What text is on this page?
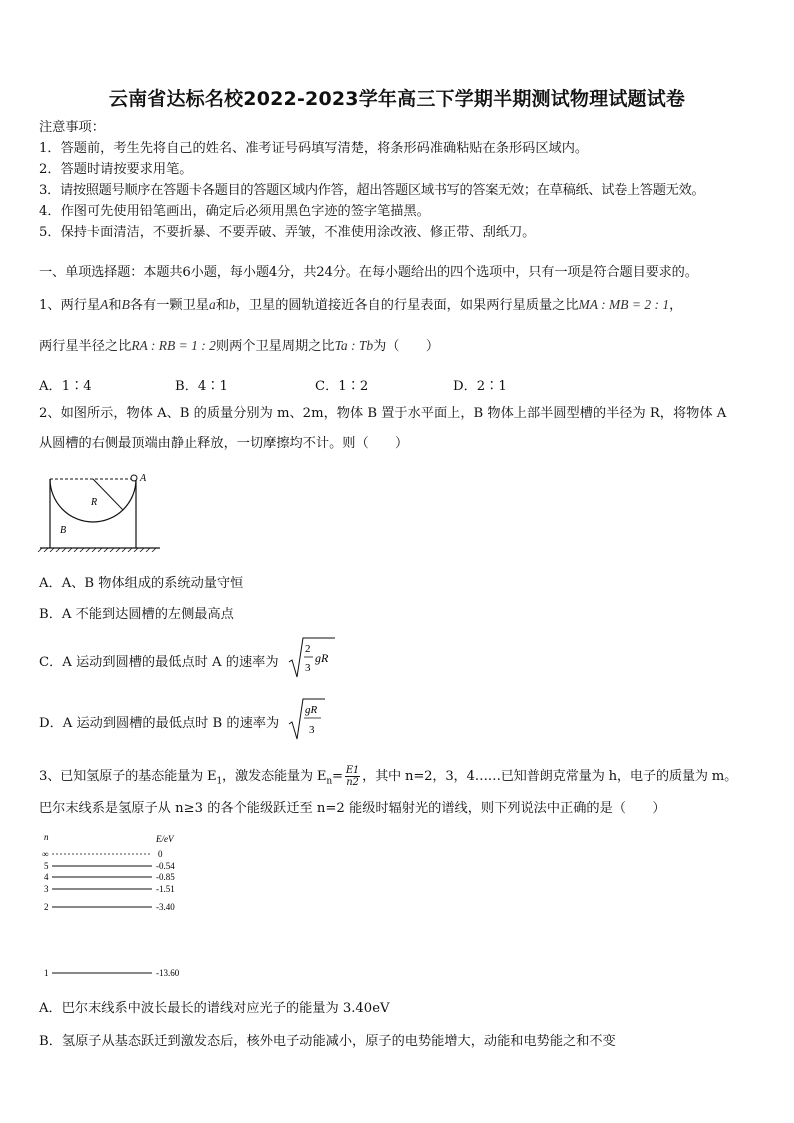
云南省达标名校2022-2023学年高三下学期半期测试物理试题试卷
注意事项：
1．答题前，考生先将自己的姓名、准考证号码填写清楚，将条形码准确粘贴在条形码区域内。
2．答题时请按要求用笔。
3．请按照题号顺序在答题卡各题目的答题区域内作答，超出答题区域书写的答案无效；在草稿纸、试卷上答题无效。
4．作图可先使用铅笔画出，确定后必须用黑色字迹的签字笔描黑。
5．保持卡面清洁，不要折暴、不要弄破、弄皱，不准使用涂改液、修正带、刮纸刀。
一、单项选择题：本题共6小题，每小题4分，共24分。在每小题给出的四个选项中，只有一项是符合题目要求的。
1、两行星A和B各有一颗卫星a和b，卫星的圆轨道接近各自的行星表面，如果两行星质量之比MA : MB = 2 : 1，
两行星半径之比RA : RB = 1 : 2则两个卫星周期之比Ta : Tb为（　　）
A．1∶4	B．4∶1	C．1∶2	D．2∶1
2、如图所示，物体 A、B 的质量分别为 m、2m，物体 B 置于水平面上，B 物体上部半圆型槽的半径为 R，将物体 A
从圆槽的右侧最顶端由静止释放，一切摩擦均不计。则（　　）
A
R
B
A．A、B 物体组成的系统动量守恒
B．A 不能到达圆槽的左侧最高点
C．A 运动到圆槽的最低点时 A 的速率为
2
3
gR
D．A 运动到圆槽的最低点时 B 的速率为
gR
3
3、已知氢原子的基态能量为 $E_1$，激发态能量为 $E_n= \frac{E1}{n2}$ ，其中 n=2，3，4……已知普朗克常量为 h，电子的质量为 m。
巴尔末线系是氢原子从 n≥3 的各个能级跃迁至 n=2 能级时辐射光的谱线，则下列说法中正确的是（　　）
n	E/eV
∞	0
5	-0.54
4	-0.85
3	-1.51
2	-3.40
1	-13.60
A．巴尔末线系中波长最长的谱线对应光子的能量为 3.40eV
B．氢原子从基态跃迁到激发态后，核外电子动能减小，原子的电势能增大，动能和电势能之和不变
